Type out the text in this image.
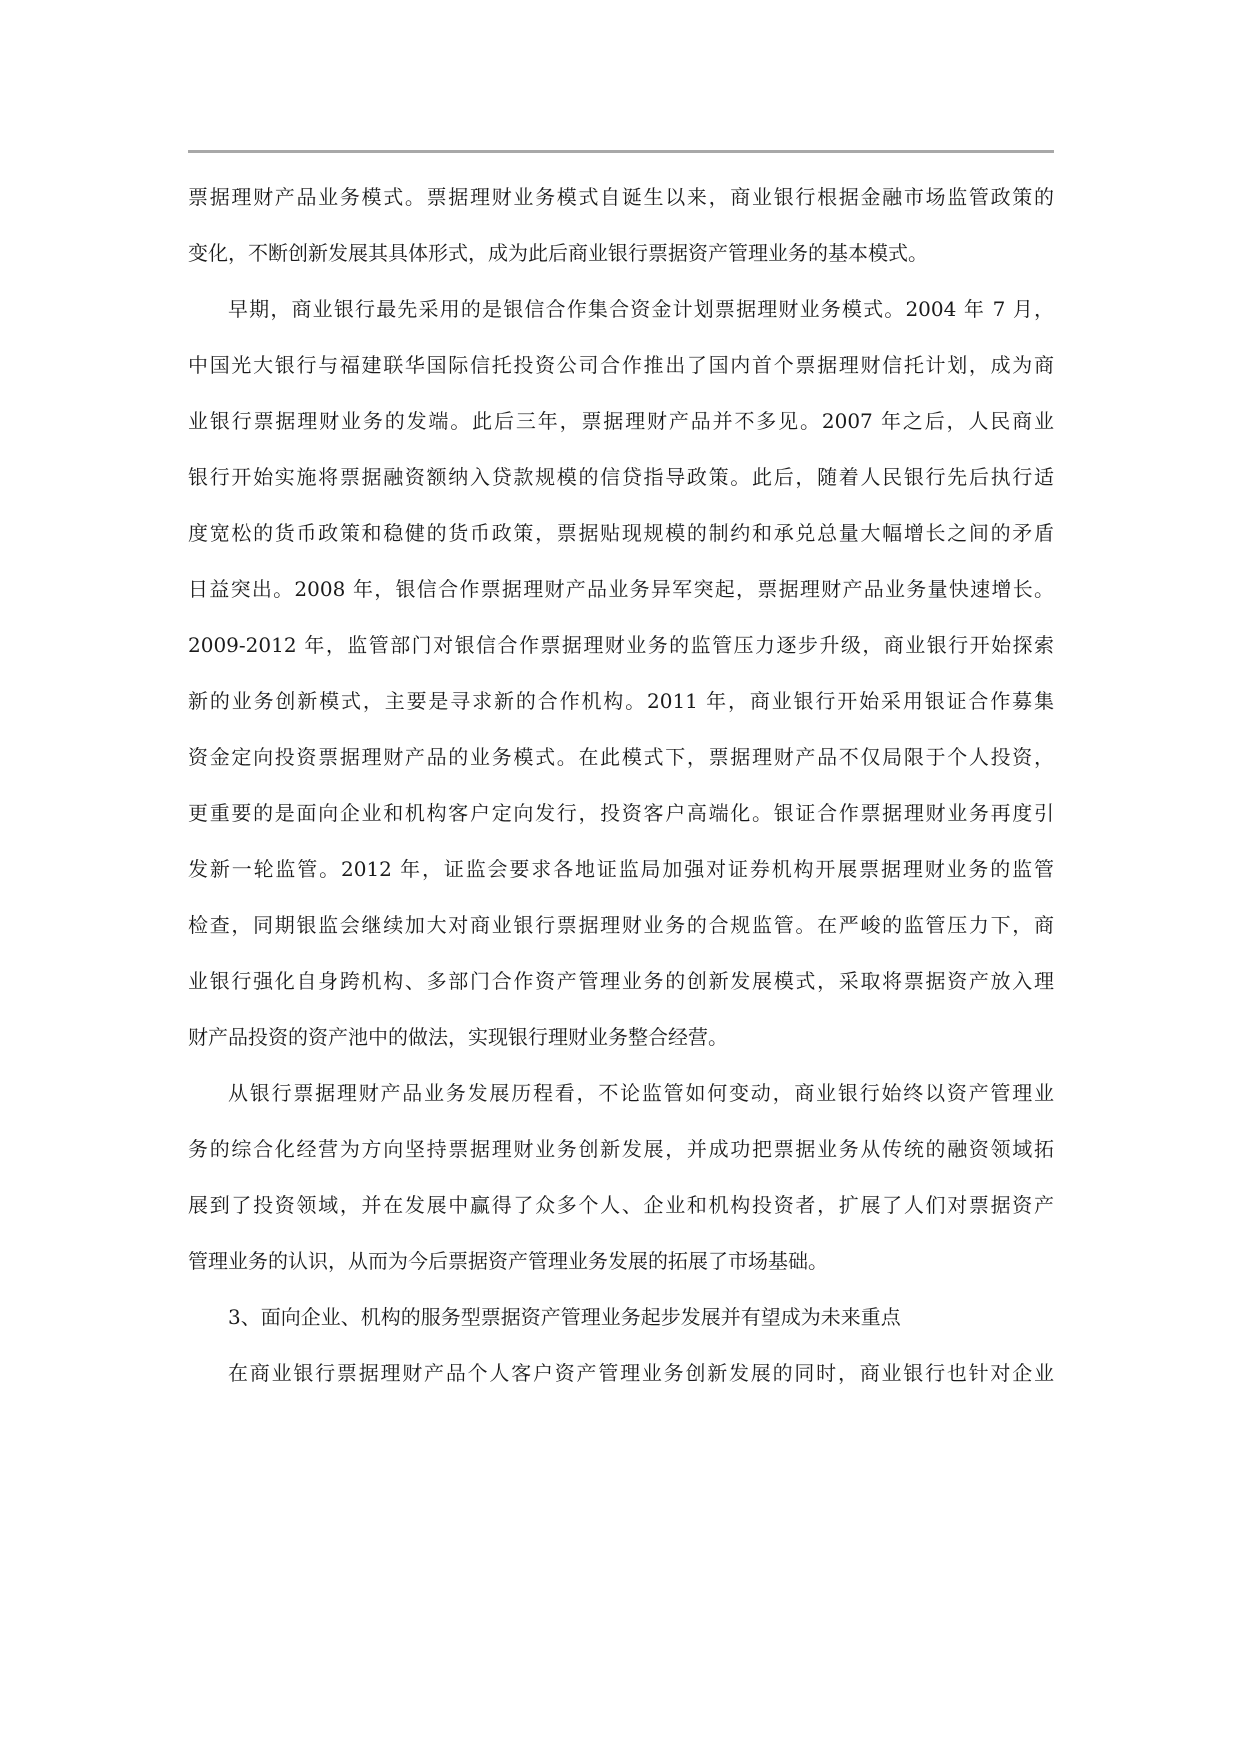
票据理财产品业务模式。票据理财业务模式自诞生以来，商业银行根据金融市场监管政策的
变化，不断创新发展其具体形式，成为此后商业银行票据资产管理业务的基本模式。
早期，商业银行最先采用的是银信合作集合资金计划票据理财业务模式。2004 年 7 月，
中国光大银行与福建联华国际信托投资公司合作推出了国内首个票据理财信托计划，成为商
业银行票据理财业务的发端。此后三年，票据理财产品并不多见。2007 年之后，人民商业
银行开始实施将票据融资额纳入贷款规模的信贷指导政策。此后，随着人民银行先后执行适
度宽松的货币政策和稳健的货币政策，票据贴现规模的制约和承兑总量大幅增长之间的矛盾
日益突出。2008 年，银信合作票据理财产品业务异军突起，票据理财产品业务量快速增长。
2009-2012 年，监管部门对银信合作票据理财业务的监管压力逐步升级，商业银行开始探索
新的业务创新模式，主要是寻求新的合作机构。2011 年，商业银行开始采用银证合作募集
资金定向投资票据理财产品的业务模式。在此模式下，票据理财产品不仅局限于个人投资，
更重要的是面向企业和机构客户定向发行，投资客户高端化。银证合作票据理财业务再度引
发新一轮监管。2012 年，证监会要求各地证监局加强对证券机构开展票据理财业务的监管
检查，同期银监会继续加大对商业银行票据理财业务的合规监管。在严峻的监管压力下，商
业银行强化自身跨机构、多部门合作资产管理业务的创新发展模式，采取将票据资产放入理
财产品投资的资产池中的做法，实现银行理财业务整合经营。
从银行票据理财产品业务发展历程看，不论监管如何变动，商业银行始终以资产管理业
务的综合化经营为方向坚持票据理财业务创新发展，并成功把票据业务从传统的融资领域拓
展到了投资领域，并在发展中赢得了众多个人、企业和机构投资者，扩展了人们对票据资产
管理业务的认识，从而为今后票据资产管理业务发展的拓展了市场基础。
3、面向企业、机构的服务型票据资产管理业务起步发展并有望成为未来重点
在商业银行票据理财产品个人客户资产管理业务创新发展的同时，商业银行也针对企业
